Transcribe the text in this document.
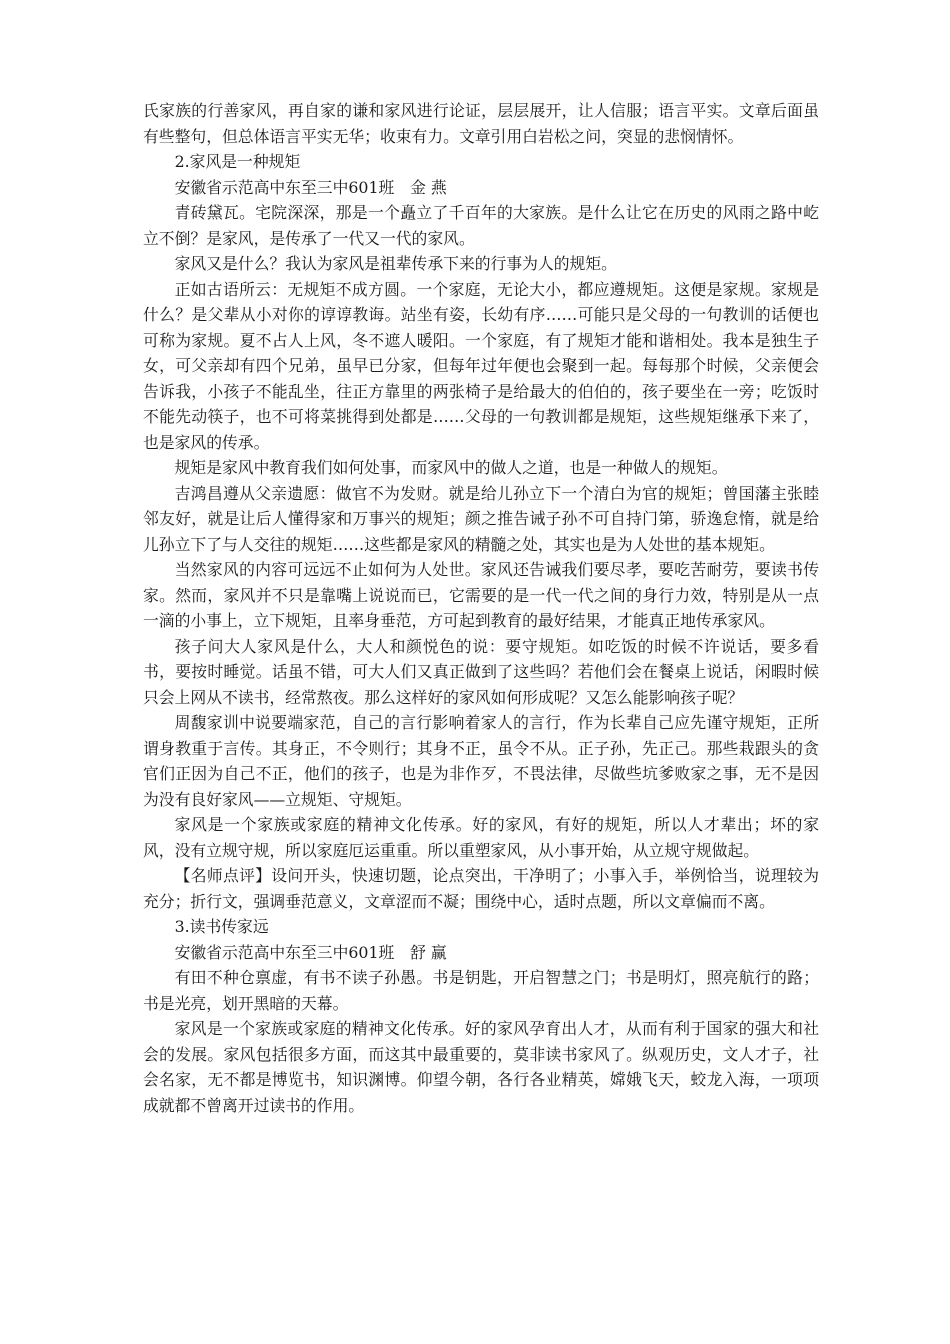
氏家族的行善家风，再自家的谦和家风进行论证，层层展开，让人信服；语言平实。文章后面虽有些整句，但总体语言平实无华；收束有力。文章引用白岩松之问，突显的悲悯情怀。

2.家风是一种规矩

安徽省示范高中东至三中601班　金 燕

青砖黛瓦。宅院深深，那是一个矗立了千百年的大家族。是什么让它在历史的风雨之路中屹立不倒？是家风，是传承了一代又一代的家风。

家风又是什么？我认为家风是祖辈传承下来的行事为人的规矩。

正如古语所云：无规矩不成方圆。一个家庭，无论大小，都应遵规矩。这便是家规。家规是什么？是父辈从小对你的谆谆教诲。站坐有姿，长幼有序……可能只是父母的一句教训的话便也可称为家规。夏不占人上风，冬不遮人暖阳。一个家庭，有了规矩才能和谐相处。我本是独生子女，可父亲却有四个兄弟，虽早已分家，但每年过年便也会聚到一起。每每那个时候，父亲便会告诉我，小孩子不能乱坐，往正方靠里的两张椅子是给最大的伯伯的，孩子要坐在一旁；吃饭时不能先动筷子，也不可将菜挑得到处都是……父母的一句教训都是规矩，这些规矩继承下来了，也是家风的传承。

规矩是家风中教育我们如何处事，而家风中的做人之道，也是一种做人的规矩。

吉鸿昌遵从父亲遗愿：做官不为发财。就是给儿孙立下一个清白为官的规矩；曾国藩主张睦邻友好，就是让后人懂得家和万事兴的规矩；颜之推告诫子孙不可自持门第，骄逸怠惰，就是给儿孙立下了与人交往的规矩……这些都是家风的精髓之处，其实也是为人处世的基本规矩。

当然家风的内容可远远不止如何为人处世。家风还告诫我们要尽孝，要吃苦耐劳，要读书传家。然而，家风并不只是靠嘴上说说而已，它需要的是一代一代之间的身行力效，特别是从一点一滴的小事上，立下规矩，且率身垂范，方可起到教育的最好结果，才能真正地传承家风。

孩子问大人家风是什么，大人和颜悦色的说：要守规矩。如吃饭的时候不许说话，要多看书，要按时睡觉。话虽不错，可大人们又真正做到了这些吗？若他们会在餐桌上说话，闲暇时候只会上网从不读书，经常熬夜。那么这样好的家风如何形成呢？又怎么能影响孩子呢？

周馥家训中说要端家范，自己的言行影响着家人的言行，作为长辈自己应先谨守规矩，正所谓身教重于言传。其身正，不令则行；其身不正，虽令不从。正子孙，先正己。那些栽跟头的贪官们正因为自己不正，他们的孩子，也是为非作歹，不畏法律，尽做些坑爹败家之事，无不是因为没有良好家风——立规矩、守规矩。

家风是一个家族或家庭的精神文化传承。好的家风，有好的规矩，所以人才辈出；坏的家风，没有立规守规，所以家庭厄运重重。所以重塑家风，从小事开始，从立规守规做起。

【名师点评】设问开头，快速切题，论点突出，干净明了；小事入手，举例恰当，说理较为充分；折行文，强调垂范意义，文章涩而不凝；围绕中心，适时点题，所以文章偏而不离。

3.读书传家远

安徽省示范高中东至三中601班　舒 赢

有田不种仓禀虚，有书不读子孙愚。书是钥匙，开启智慧之门；书是明灯，照亮航行的路；书是光亮，划开黑暗的天幕。

家风是一个家族或家庭的精神文化传承。好的家风孕育出人才，从而有利于国家的强大和社会的发展。家风包括很多方面，而这其中最重要的，莫非读书家风了。纵观历史，文人才子，社会名家，无不都是博览书，知识渊博。仰望今朝，各行各业精英，嫦娥飞天，蛟龙入海，一项项成就都不曾离开过读书的作用。
